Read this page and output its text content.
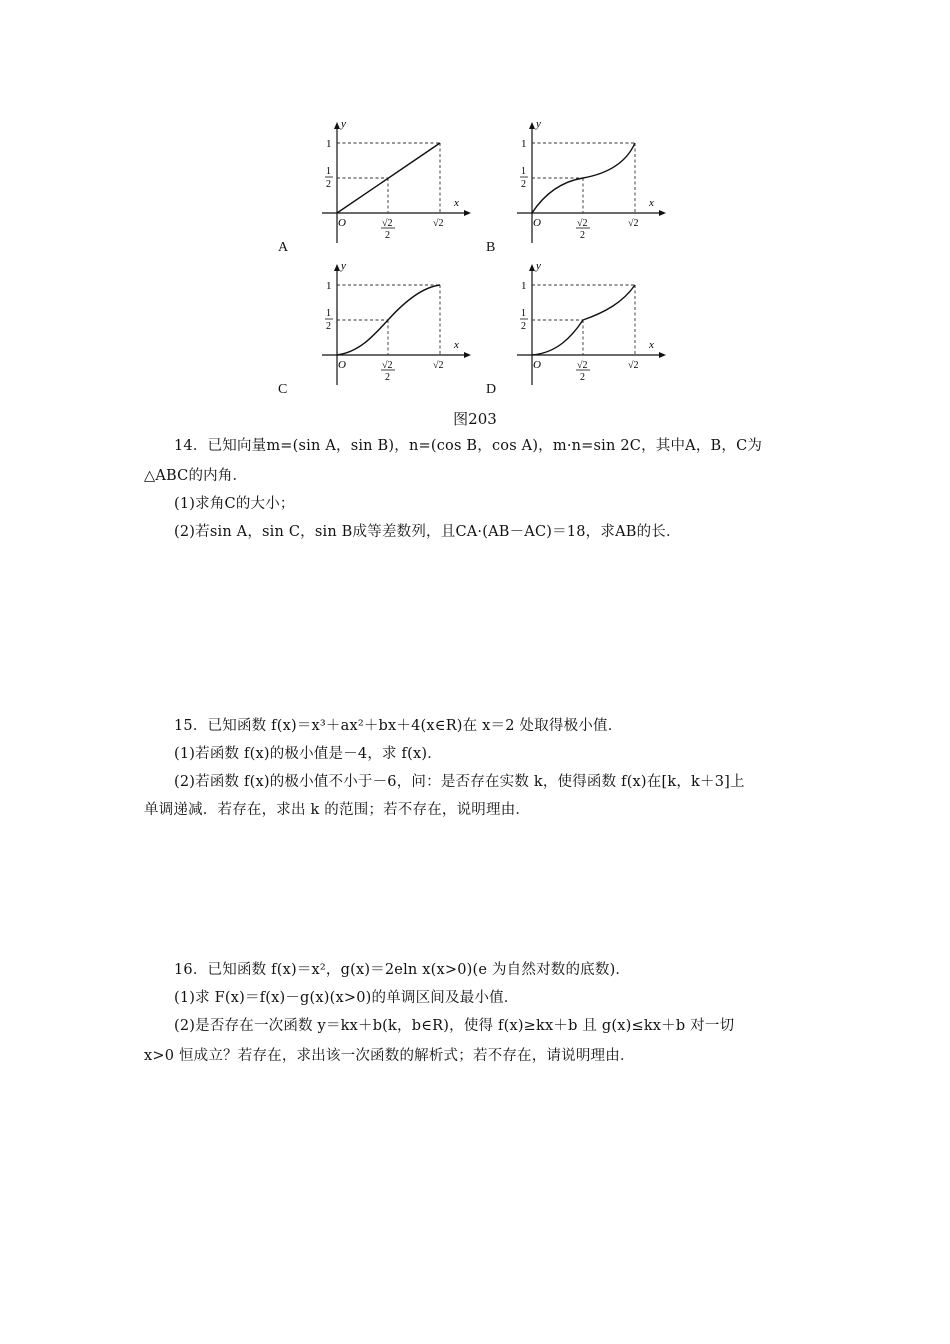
y
x
1
1
2
O	√2
2
√2
A
y
x
1
1
2
O	√2
2
√2
B
y
x
1
1
2
O	√2
2
√2
C
y
x
1
1
2
O	√2
2
√2
D
图203
14．已知向量m=(sin A，sin B)，n=(cos B，cos A)，m·n=sin 2C，其中A，B，C为
△ABC的内角．
(1)求角C的大小；
(2)若sin A，sin C，sin B成等差数列，且CA·(AB－AC)＝18，求AB的长．
15．已知函数 f(x)＝x³＋ax²＋bx＋4(x∈R)在 x＝2 处取得极小值．
(1)若函数 f(x)的极小值是－4，求 f(x)．
(2)若函数 f(x)的极小值不小于－6，问：是否存在实数 k，使得函数 f(x)在[k，k＋3]上
单调递减．若存在，求出 k 的范围；若不存在，说明理由．
16．已知函数 f(x)＝x²，g(x)＝2eln x(x>0)(e 为自然对数的底数)．
(1)求 F(x)＝f(x)－g(x)(x>0)的单调区间及最小值．
(2)是否存在一次函数 y＝kx＋b(k，b∈R)，使得 f(x)≥kx＋b 且 g(x)≤kx＋b 对一切
x>0 恒成立？若存在，求出该一次函数的解析式；若不存在，请说明理由．
